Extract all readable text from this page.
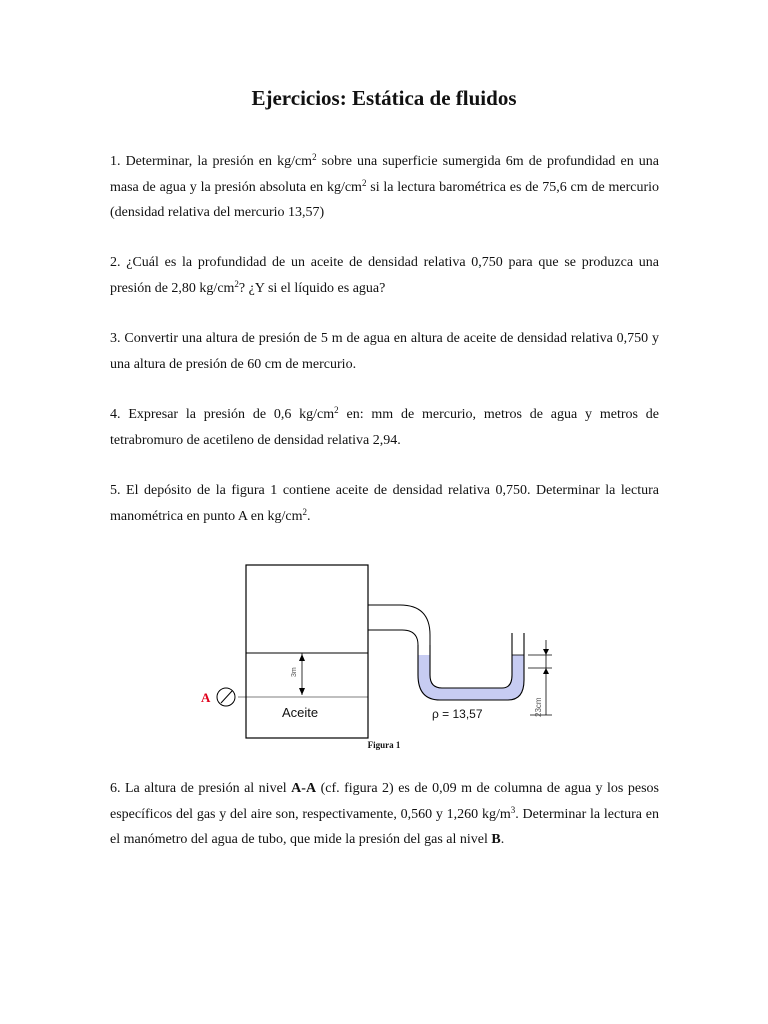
Ejercicios: Estática de fluidos

1. Determinar, la presión en $kg/cm^2$ sobre una superficie sumergida 6m de profundidad en una masa de agua y la presión absoluta en $kg/cm^2$ si la lectura barométrica es de 75,6 cm de mercurio (densidad relativa del mercurio 13,57)

2. ¿Cuál es la profundidad de un aceite de densidad relativa 0,750 para que se produzca una presión de 2,80 $kg/cm^2$? ¿Y si el líquido es agua?

3. Convertir una altura de presión de 5 m de agua en altura de aceite de densidad relativa 0,750 y una altura de presión de 60 cm de mercurio.

4. Expresar la presión de 0,6 $kg/cm^2$ en: mm de mercurio, metros de agua y metros de tetrabromuro de acetileno de densidad relativa 2,94.

5. El depósito de la figura 1 contiene aceite de densidad relativa 0,750. Determinar la lectura manométrica en punto A en $kg/cm^2$.

A
Aceite	ρ = 13,57
3m
23cm
Figura 1

6. La altura de presión al nivel A-A (cf. figura 2) es de 0,09 m de columna de agua y los pesos específicos del gas y del aire son, respectivamente, 0,560 y 1,260 $kg/m^3$. Determinar la lectura en el manómetro del agua de tubo, que mide la presión del gas al nivel B.
